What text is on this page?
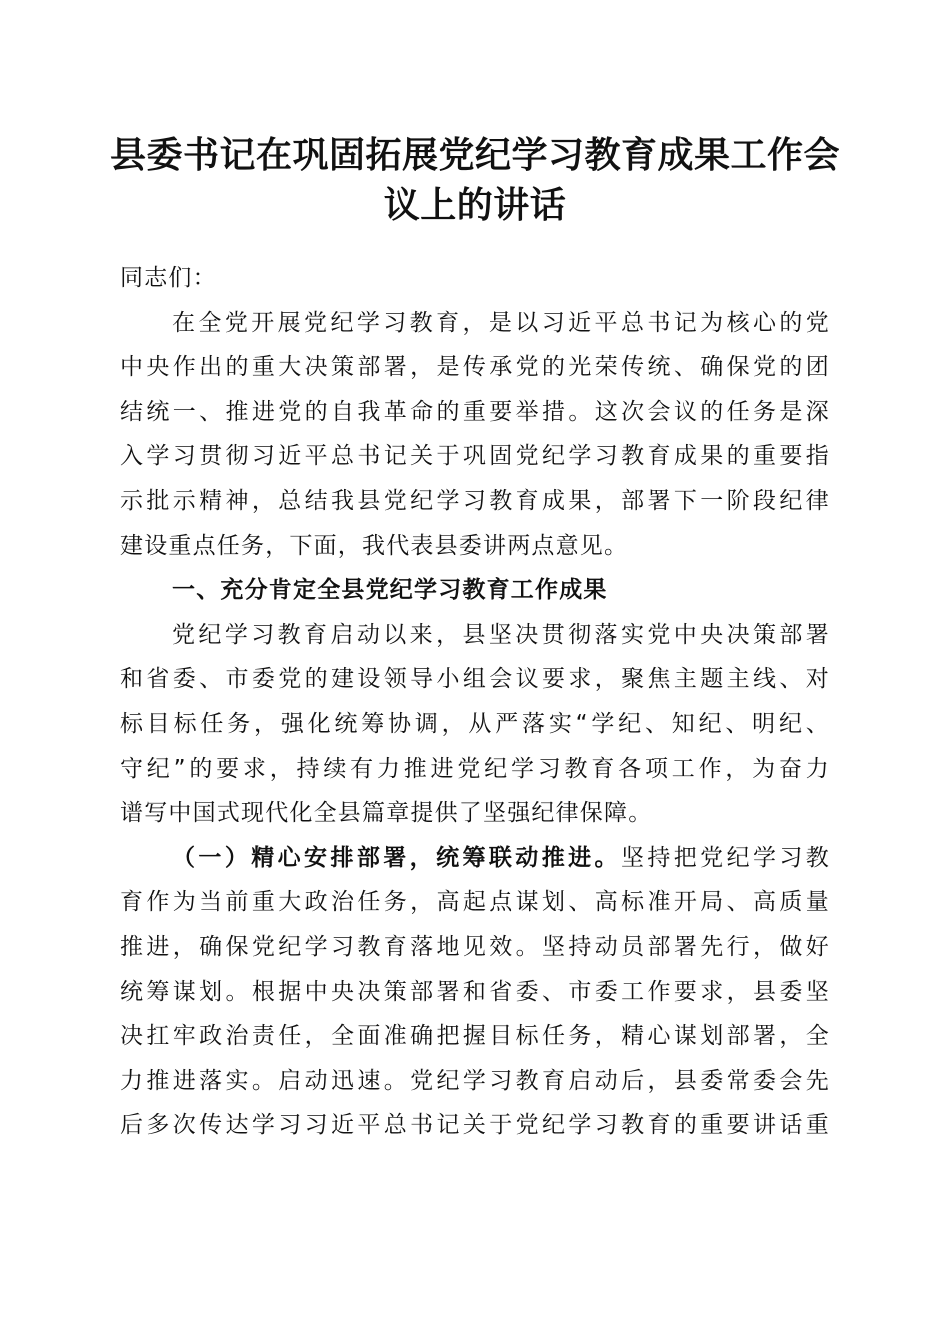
县委书记在巩固拓展党纪学习教育成果工作会
议上的讲话

同志们：

在全党开展党纪学习教育，是以习近平总书记为核心的党
中央作出的重大决策部署，是传承党的光荣传统、确保党的团
结统一、推进党的自我革命的重要举措。这次会议的任务是深
入学习贯彻习近平总书记关于巩固党纪学习教育成果的重要指
示批示精神，总结我县党纪学习教育成果，部署下一阶段纪律

建设重点任务，下面，我代表县委讲两点意见。

一、充分肯定全县党纪学习教育工作成果

党纪学习教育启动以来，县坚决贯彻落实党中央决策部署
和省委、市委党的建设领导小组会议要求，聚焦主题主线、对
标目标任务，强化统筹协调，从严落实“学纪、知纪、明纪、
守纪”的要求，持续有力推进党纪学习教育各项工作，为奋力

谱写中国式现代化全县篇章提供了坚强纪律保障。

（一）精心安排部署，统筹联动推进。坚持把党纪学习教
育作为当前重大政治任务，高起点谋划、高标准开局、高质量
推进，确保党纪学习教育落地见效。坚持动员部署先行，做好
统筹谋划。根据中央决策部署和省委、市委工作要求，县委坚
决扛牢政治责任，全面准确把握目标任务，精心谋划部署，全
力推进落实。启动迅速。党纪学习教育启动后，县委常委会先
后多次传达学习习近平总书记关于党纪学习教育的重要讲话重
